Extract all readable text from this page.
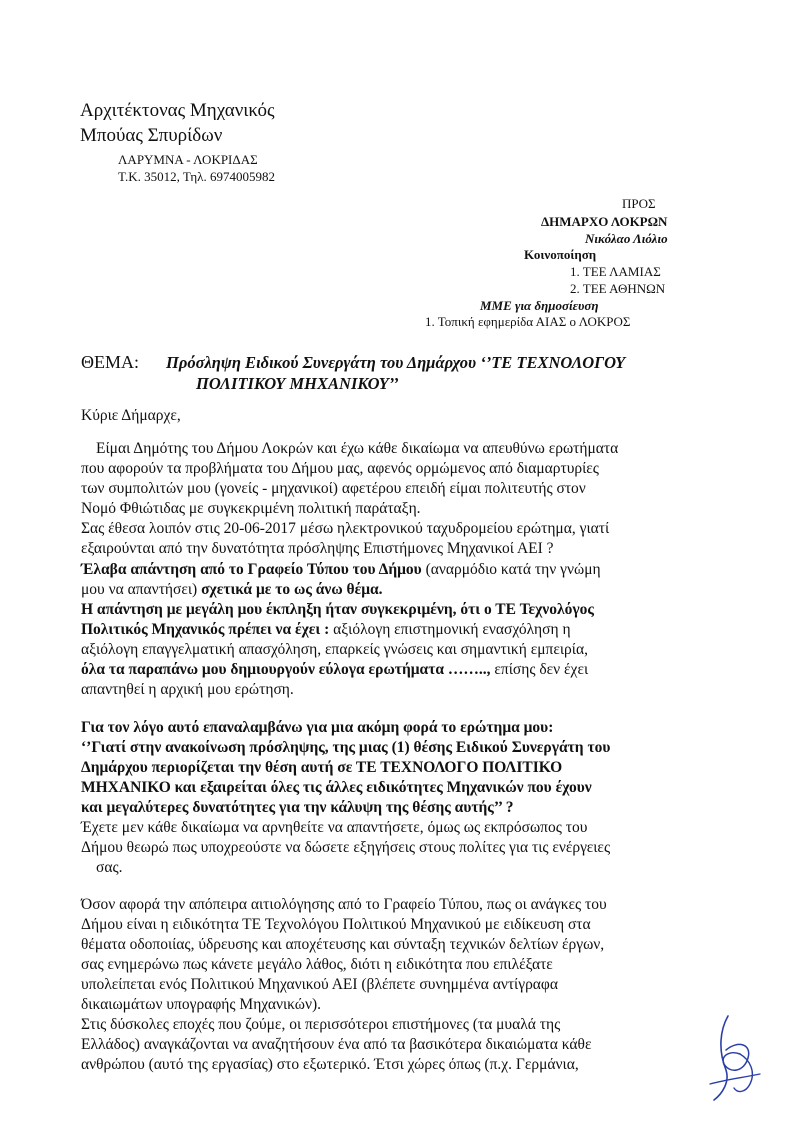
Αρχιτέκτονας Μηχανικός
Μπούας Σπυρίδων
ΛΑΡΥΜΝΑ - ΛΟΚΡΙΔΑΣ
Τ.Κ. 35012, Τηλ. 6974005982
ΠΡΟΣ
ΔΗΜΑΡΧΟ ΛΟΚΡΩΝ
Νικόλαο Λιόλιο
Κοινοποίηση
1. ΤΕΕ ΛΑΜΙΑΣ
2. ΤΕΕ ΑΘΗΝΩΝ
ΜΜΕ για δημοσίευση
1. Τοπική εφημερίδα ΑΙΑΣ ο ΛΟΚΡΟΣ
ΘΕΜΑ: Πρόσληψη Ειδικού Συνεργάτη του Δημάρχου ‘’ΤΕ ΤΕΧΝΟΛΟΓΟΥ
ΠΟΛΙΤΙΚΟΥ ΜΗΧΑΝΙΚΟΥ’’
Κύριε Δήμαρχε,
Είμαι Δημότης του Δήμου Λοκρών και έχω κάθε δικαίωμα να απευθύνω ερωτήματα
που αφορούν τα προβλήματα του Δήμου μας, αφενός ορμώμενος από διαμαρτυρίες
των συμπολιτών μου (γονείς - μηχανικοί) αφετέρου επειδή είμαι πολιτευτής στον
Νομό Φθιώτιδας με συγκεκριμένη πολιτική παράταξη.
Σας έθεσα λοιπόν στις 20-06-2017 μέσω ηλεκτρονικού ταχυδρομείου ερώτημα, γιατί
εξαιρούνται από την δυνατότητα πρόσληψης Επιστήμονες Μηχανικοί ΑΕΙ ?
Έλαβα απάντηση από το Γραφείο Τύπου του Δήμου (αναρμόδιο κατά την γνώμη
μου να απαντήσει) σχετικά με το ως άνω θέμα.
Η απάντηση με μεγάλη μου έκπληξη ήταν συγκεκριμένη, ότι ο ΤΕ Τεχνολόγος
Πολιτικός Μηχανικός πρέπει να έχει : αξιόλογη επιστημονική ενασχόληση η
αξιόλογη επαγγελματική απασχόληση, επαρκείς γνώσεις και σημαντική εμπειρία,
όλα τα παραπάνω μου δημιουργούν εύλογα ερωτήματα …….., επίσης δεν έχει
απαντηθεί η αρχική μου ερώτηση.
Για τον λόγο αυτό επαναλαμβάνω για μια ακόμη φορά το ερώτημα μου:
‘’Γιατί στην ανακοίνωση πρόσληψης, της μιας (1) θέσης Ειδικού Συνεργάτη του
Δημάρχου περιορίζεται την θέση αυτή σε ΤΕ ΤΕΧΝΟΛΟΓΟ ΠΟΛΙΤΙΚΟ
ΜΗΧΑΝΙΚΟ και εξαιρείται όλες τις άλλες ειδικότητες Μηχανικών που έχουν
και μεγαλύτερες δυνατότητες για την κάλυψη της θέσης αυτής’’ ?
Έχετε μεν κάθε δικαίωμα να αρνηθείτε να απαντήσετε, όμως ως εκπρόσωπος του
Δήμου θεωρώ πως υποχρεούστε να δώσετε εξηγήσεις στους πολίτες για τις ενέργειες
σας.
Όσον αφορά την απόπειρα αιτιολόγησης από το Γραφείο Τύπου, πως οι ανάγκες του
Δήμου είναι η ειδικότητα ΤΕ Τεχνολόγου Πολιτικού Μηχανικού με ειδίκευση στα
θέματα οδοποιίας, ύδρευσης και αποχέτευσης και σύνταξη τεχνικών δελτίων έργων,
σας ενημερώνω πως κάνετε μεγάλο λάθος, διότι η ειδικότητα που επιλέξατε
υπολείπεται ενός Πολιτικού Μηχανικού ΑΕΙ (βλέπετε συνημμένα αντίγραφα
δικαιωμάτων υπογραφής Μηχανικών).
Στις δύσκολες εποχές που ζούμε, οι περισσότεροι επιστήμονες (τα μυαλά της
Ελλάδος) αναγκάζονται να αναζητήσουν ένα από τα βασικότερα δικαιώματα κάθε
ανθρώπου (αυτό της εργασίας) στο εξωτερικό. Έτσι χώρες όπως (π.χ. Γερμάνια,
